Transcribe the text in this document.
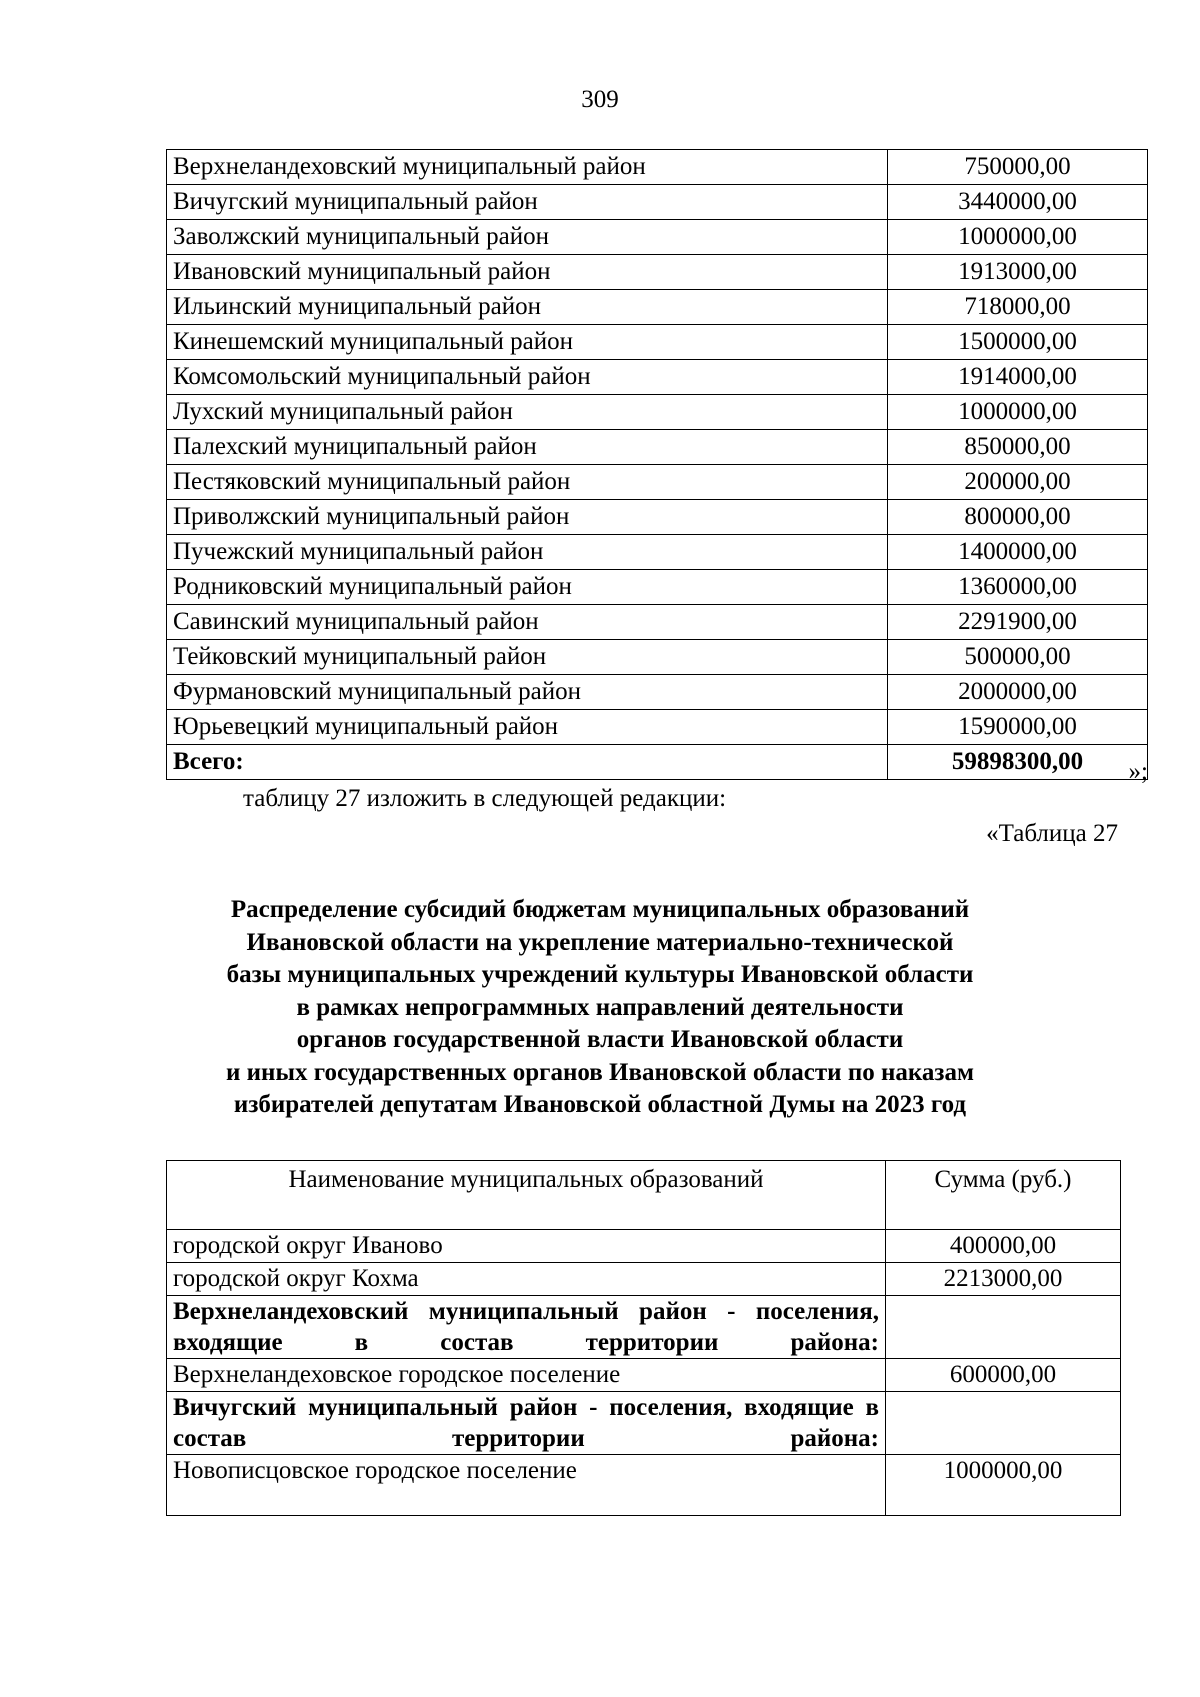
309
Верхнеландеховский муниципальный район	750000,00
Вичугский муниципальный район	3440000,00
Заволжский муниципальный район	1000000,00
Ивановский муниципальный район	1913000,00
Ильинский муниципальный район	718000,00
Кинешемский муниципальный район	1500000,00
Комсомольский муниципальный район	1914000,00
Лухский муниципальный район	1000000,00
Палехский муниципальный район	850000,00
Пестяковский муниципальный район	200000,00
Приволжский муниципальный район	800000,00
Пучежский муниципальный район	1400000,00
Родниковский муниципальный район	1360000,00
Савинский муниципальный район	2291900,00
Тейковский муниципальный район	500000,00
Фурмановский муниципальный район	2000000,00
Юрьевецкий муниципальный район	1590000,00
Всего:	59898300,00	»;
таблицу 27 изложить в следующей редакции:
«Таблица 27
Распределение субсидий бюджетам муниципальных образований
Ивановской области на укрепление материально-технической
базы муниципальных учреждений культуры Ивановской области
в рамках непрограммных направлений деятельности
органов государственной власти Ивановской области
и иных государственных органов Ивановской области по наказам
избирателей депутатам Ивановской областной Думы на 2023 год
Наименование муниципальных образований	Сумма (руб.)
городской округ Иваново	400000,00
городской округ Кохма	2213000,00
Верхнеландеховский муниципальный район - поселения, входящие в состав территории района:	
Верхнеландеховское городское поселение	600000,00
Вичугский муниципальный район - поселения, входящие в состав территории района:	
Новописцовское городское поселение	1000000,00
